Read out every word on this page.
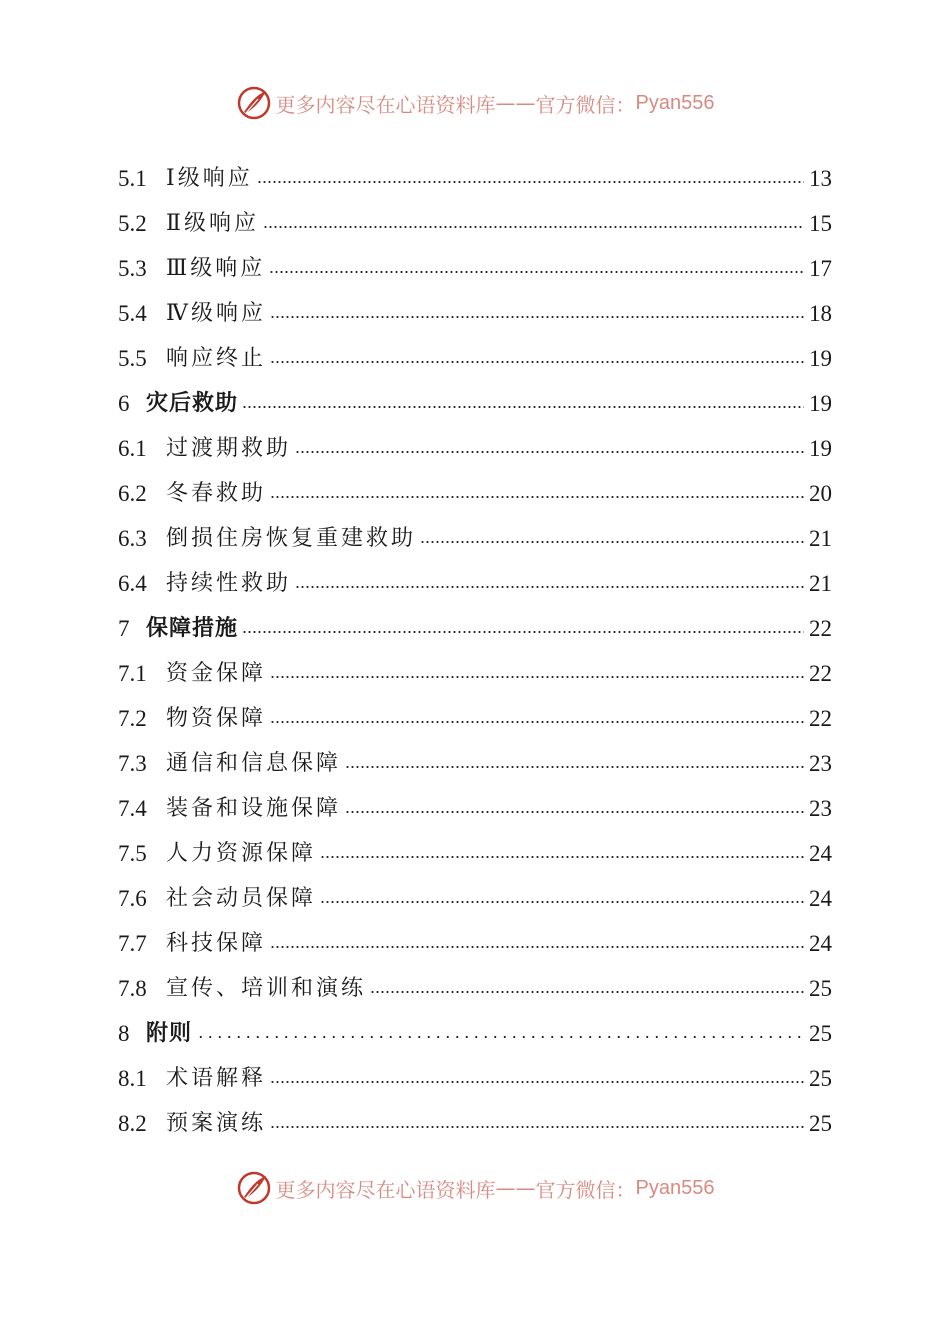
更多内容尽在心语资料库 —— 官方微信： Pyan556
5.1 Ⅰ级响应	13
5.2 Ⅱ级响应	15
5.3 Ⅲ级响应	17
5.4 Ⅳ级响应	18
5.5 响应终止	19
6 灾后救助	19
6.1 过渡期救助	19
6.2 冬春救助	20
6.3 倒损住房恢复重建救助	21
6.4 持续性救助	21
7 保障措施	22
7.1 资金保障	22
7.2 物资保障	22
7.3 通信和信息保障	23
7.4 装备和设施保障	23
7.5 人力资源保障	24
7.6 社会动员保障	24
7.7 科技保障	24
7.8 宣传、培训和演练	25
8 附则	25
8.1 术语解释	25
8.2 预案演练	25
更多内容尽在心语资料库 —— 官方微信： Pyan556
